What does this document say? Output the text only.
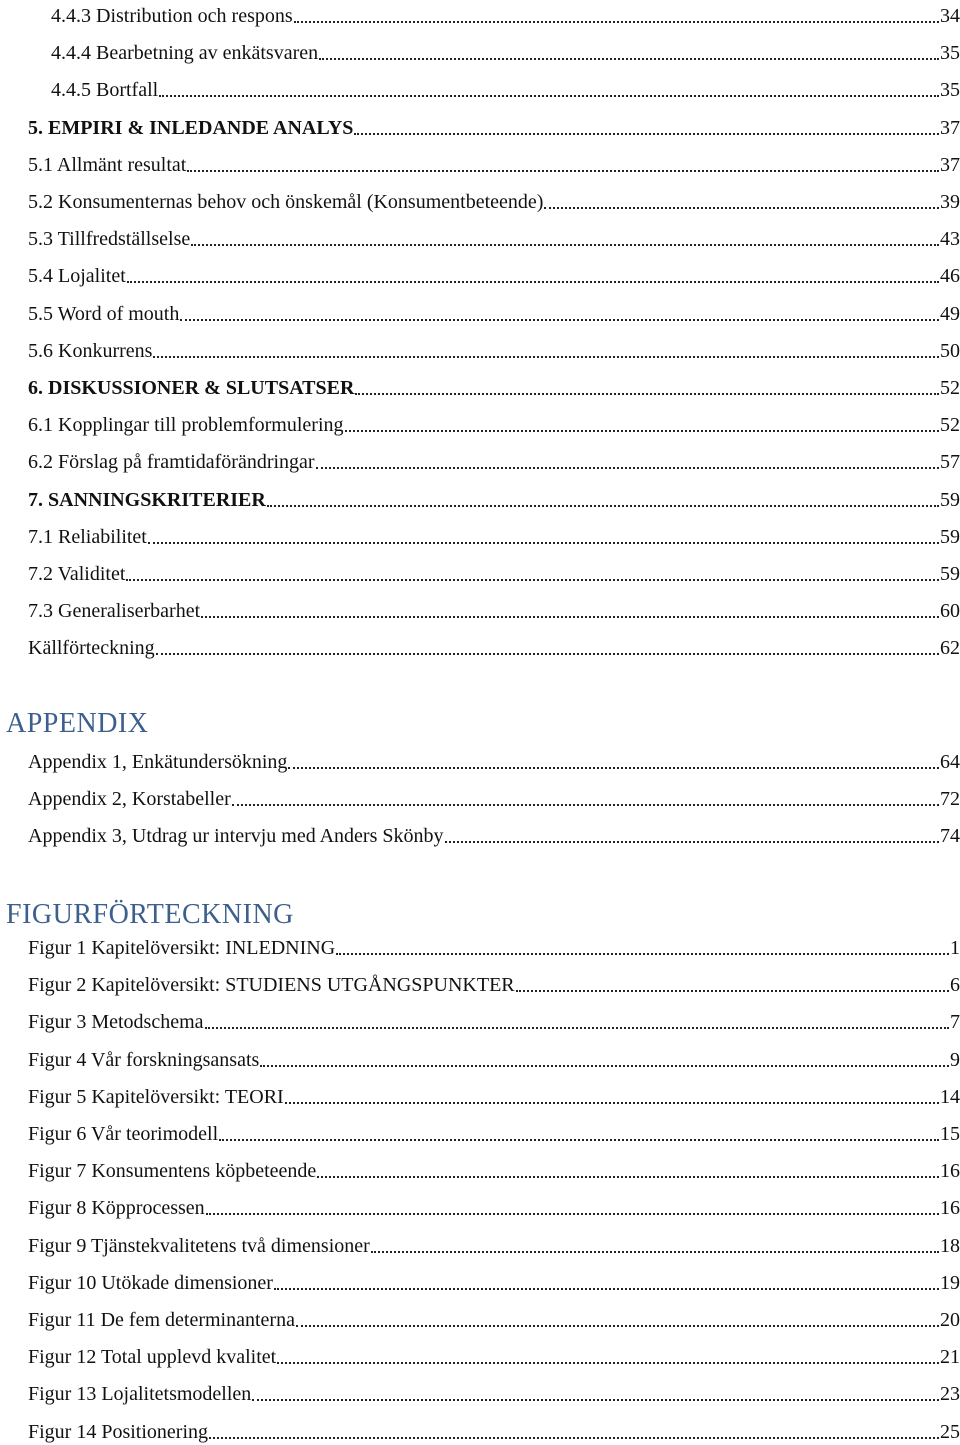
4.4.3 Distribution och respons	34
4.4.4 Bearbetning av enkätsvaren	35
4.4.5 Bortfall	35
5. EMPIRI & INLEDANDE ANALYS	37
5.1 Allmänt resultat	37
5.2 Konsumenternas behov och önskemål (Konsumentbeteende)	39
5.3 Tillfredställselse	43
5.4 Lojalitet	46
5.5 Word of mouth	49
5.6 Konkurrens	50
6. DISKUSSIONER & SLUTSATSER	52
6.1 Kopplingar till problemformulering	52
6.2 Förslag på framtidaförändringar	57
7. SANNINGSKRITERIER	59
7.1 Reliabilitet	59
7.2 Validitet	59
7.3 Generaliserbarhet	60
Källförteckning	62
APPENDIX
Appendix 1, Enkätundersökning	64
Appendix 2, Korstabeller	72
Appendix 3, Utdrag ur intervju med Anders Skönby	74
FIGURFÖRTECKNING
Figur 1 Kapitelöversikt: INLEDNING	1
Figur 2 Kapitelöversikt: STUDIENS UTGÅNGSPUNKTER	6
Figur 3 Metodschema	7
Figur 4 Vår forskningsansats	9
Figur 5 Kapitelöversikt: TEORI	14
Figur 6 Vår teorimodell	15
Figur 7 Konsumentens köpbeteende	16
Figur 8 Köpprocessen	16
Figur 9 Tjänstekvalitetens två dimensioner	18
Figur 10 Utökade dimensioner	19
Figur 11 De fem determinanterna	20
Figur 12 Total upplevd kvalitet	21
Figur 13 Lojalitetsmodellen	23
Figur 14 Positionering	25
